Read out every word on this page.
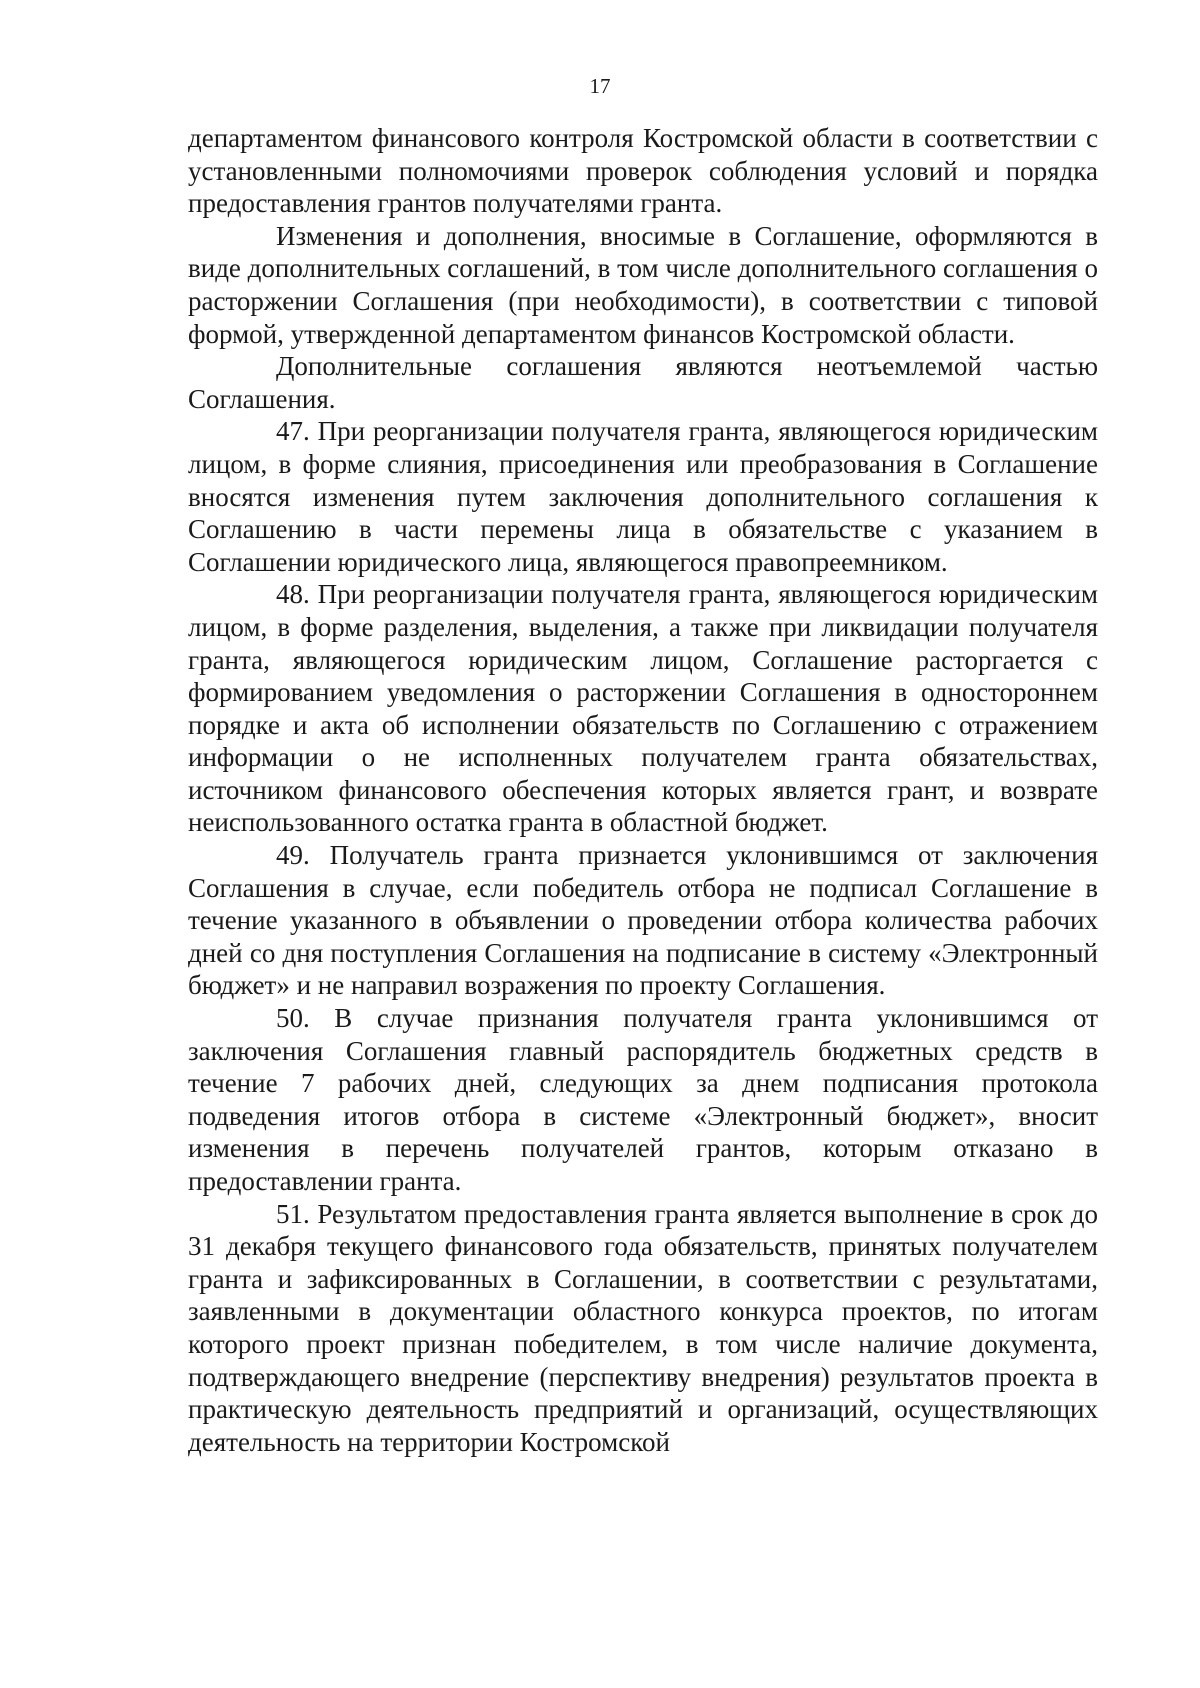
17

департаментом финансового контроля Костромской области в соответствии с установленными полномочиями проверок соблюдения условий и порядка предоставления грантов получателями гранта.

Изменения и дополнения, вносимые в Соглашение, оформляются в виде дополнительных соглашений, в том числе дополнительного соглашения о расторжении Соглашения (при необходимости), в соответствии с типовой формой, утвержденной департаментом финансов Костромской области.

Дополнительные соглашения являются неотъемлемой частью Соглашения.

47. При реорганизации получателя гранта, являющегося юридическим лицом, в форме слияния, присоединения или преобразования в Соглашение вносятся изменения путем заключения дополнительного соглашения к Соглашению в части перемены лица в обязательстве с указанием в Соглашении юридического лица, являющегося правопреемником.

48. При реорганизации получателя гранта, являющегося юридическим лицом, в форме разделения, выделения, а также при ликвидации получателя гранта, являющегося юридическим лицом, Соглашение расторгается с формированием уведомления о расторжении Соглашения в одностороннем порядке и акта об исполнении обязательств по Соглашению с отражением информации о не исполненных получателем гранта обязательствах, источником финансового обеспечения которых является грант, и возврате неиспользованного остатка гранта в областной бюджет.

49. Получатель гранта признается уклонившимся от заключения Соглашения в случае, если победитель отбора не подписал Соглашение в течение указанного в объявлении о проведении отбора количества рабочих дней со дня поступления Соглашения на подписание в систему «Электронный бюджет» и не направил возражения по проекту Соглашения.

50. В случае признания получателя гранта уклонившимся от заключения Соглашения главный распорядитель бюджетных средств в течение 7 рабочих дней, следующих за днем подписания протокола подведения итогов отбора в системе «Электронный бюджет», вносит изменения в перечень получателей грантов, которым отказано в предоставлении гранта.

51. Результатом предоставления гранта является выполнение в срок до 31 декабря текущего финансового года обязательств, принятых получателем гранта и зафиксированных в Соглашении, в соответствии с результатами, заявленными в документации областного конкурса проектов, по итогам которого проект признан победителем, в том числе наличие документа, подтверждающего внедрение (перспективу внедрения) результатов проекта в практическую деятельность предприятий и организаций, осуществляющих деятельность на территории Костромской
